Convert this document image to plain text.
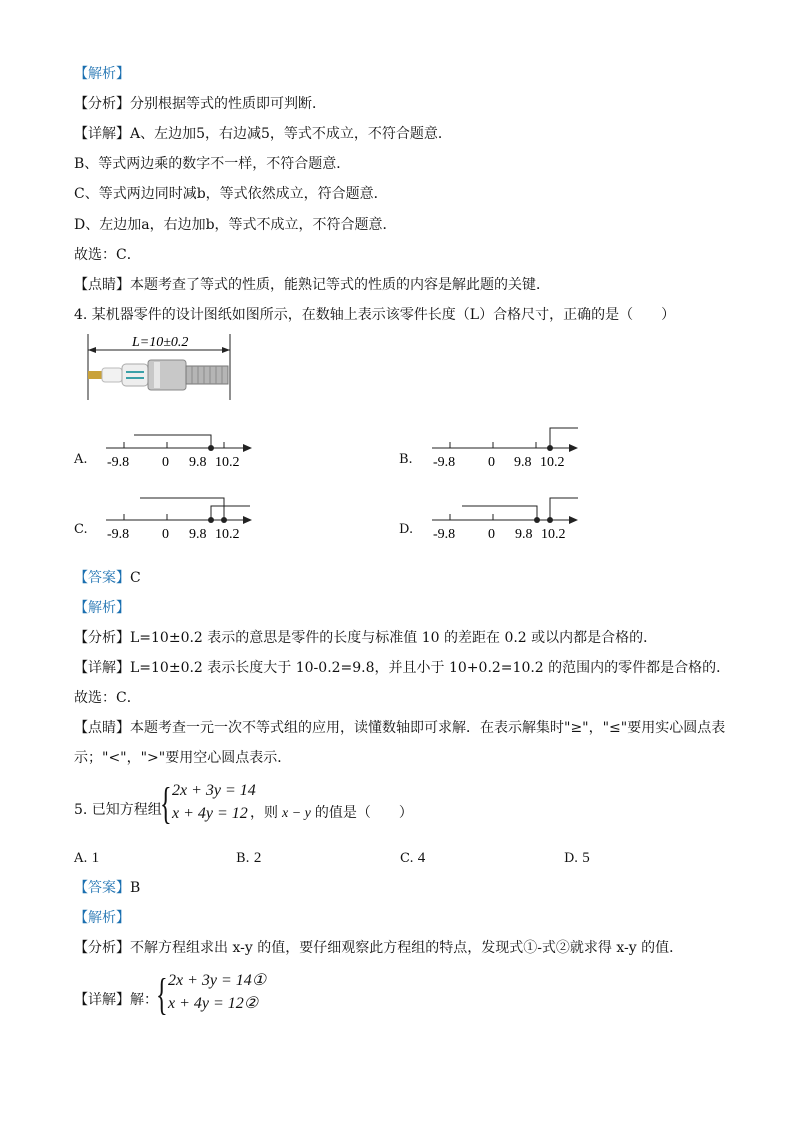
【解析】
【分析】分别根据等式的性质即可判断．
【详解】A、左边加5，右边减5，等式不成立，不符合题意．
B、等式两边乘的数字不一样，不符合题意．
C、等式两边同时减b，等式依然成立，符合题意．
D、左边加a，右边加b，等式不成立，不符合题意．
故选：C．
【点睛】本题考查了等式的性质，能熟记等式的性质的内容是解此题的关键．
4. 某机器零件的设计图纸如图所示，在数轴上表示该零件长度（L）合格尺寸，正确的是（　　）
L=10±0.2
A. -9.8 0 9.8 10.2	B. -9.8 0 9.8 10.2
C. -9.8 0 9.8 10.2	D. -9.8 0 9.8 10.2
【答案】C
【解析】
【分析】L=10±0.2 表示的意思是零件的长度与标准值 10 的差距在 0.2 或以内都是合格的．
【详解】L=10±0.2 表示长度大于 10-0.2=9.8，并且小于 10+0.2=10.2 的范围内的零件都是合格的．
故选：C．
【点睛】本题考查一元一次不等式组的应用，读懂数轴即可求解．在表示解集时"≥"，"≤"要用实心圆点表
示；"<"，">"要用空心圆点表示．
5. 已知方程组
{ 2x + 3y = 14
x + 4y = 12 ，则 x − y 的值是（　　）
A. 1	B. 2	C. 4	D. 5
【答案】B
【解析】
【分析】不解方程组求出 x-y 的值，要仔细观察此方程组的特点，发现式①-式②就求得 x-y 的值．
【详解】解：
{ 2x + 3y = 14①
x + 4y = 12②
